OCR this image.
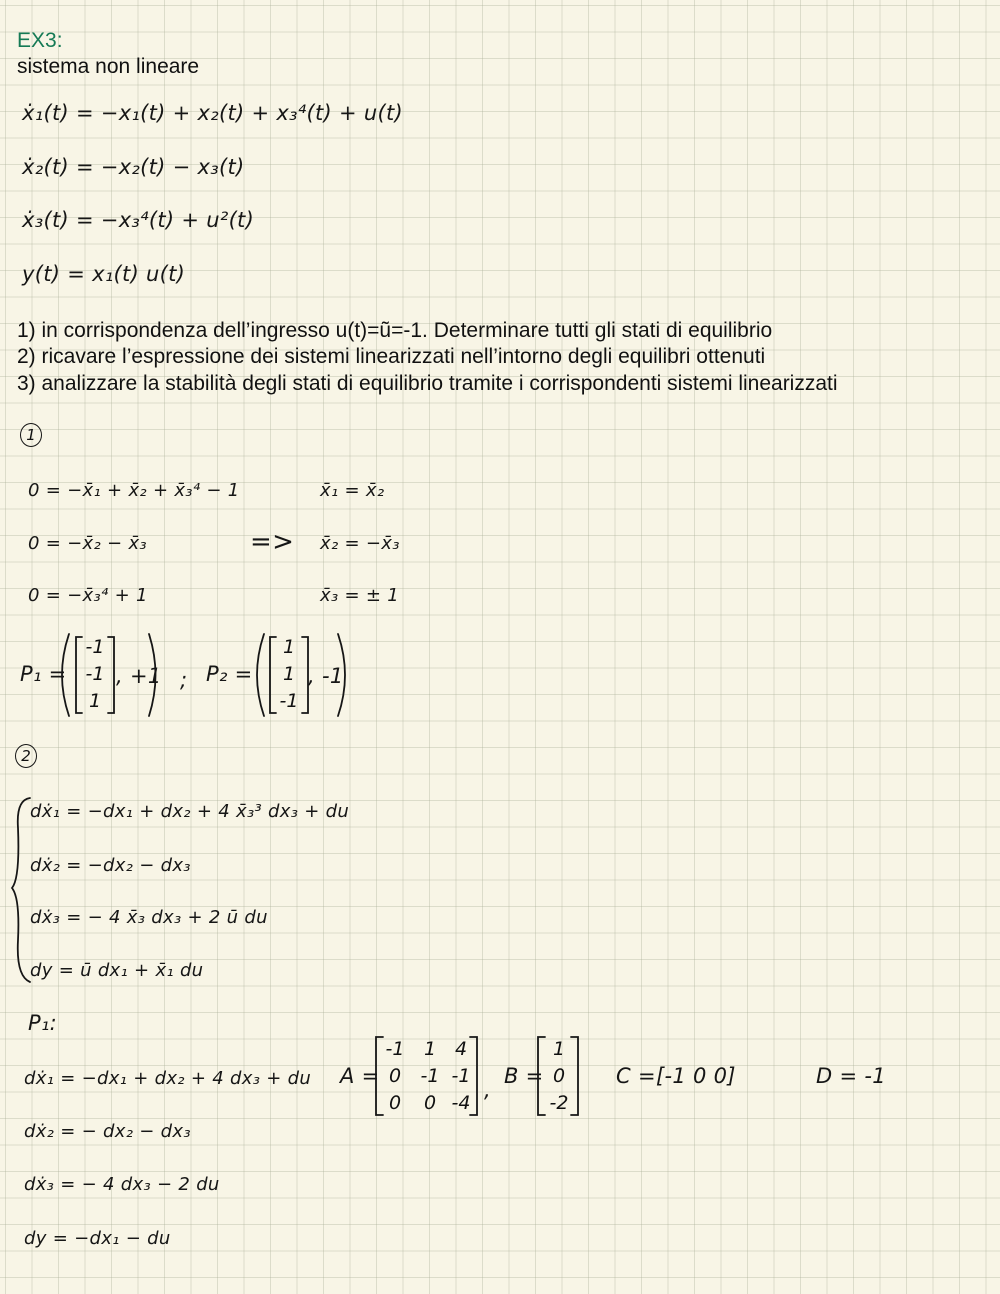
EX3:
sistema non lineare
ẋ₁(t) = −x₁(t) + x₂(t) + x₃⁴(t) + u(t)
ẋ₂(t) = −x₂(t) − x₃(t)
ẋ₃(t) = −x₃⁴(t) + u²(t)
y(t) = x₁(t) u(t)
1) in corrispondenza dell’ingresso u(t)=ũ=-1. Determinare tutti gli stati di equilibrio
2) ricavare l’espressione dei sistemi linearizzati nell’intorno degli equilibri ottenuti
3) analizzare la stabilità degli stati di equilibrio tramite i corrispondenti sistemi linearizzati
1
0 = −x̄₁ + x̄₂ + x̄₃⁴ − 1
0 = −x̄₂ − x̄₃
0 = −x̄₃⁴ + 1
=>
x̄₁ = x̄₂
x̄₂ = −x̄₃
x̄₃ = ± 1
P₁ =
-1
-1
1
, +1 ; P₂ =
1
1
-1
, -1
2
dẋ₁ = −dx₁ + dx₂ + 4 x̄₃³ dx₃ + du
dẋ₂ = −dx₂ − dx₃
dẋ₃ = − 4 x̄₃ dx₃ + 2 ū du
dy = ū dx₁ + x̄₁ du
P₁:
dẋ₁ = −dx₁ + dx₂ + 4 dx₃ + du
dẋ₂ = − dx₂ − dx₃
dẋ₃ = − 4 dx₃ − 2 du
dy = −dx₁ − du
A =
-1	1 4
0	-1 -1
0	0 -4
,
B =
1
0
-2
C = [-1 0 0]	D = -1
